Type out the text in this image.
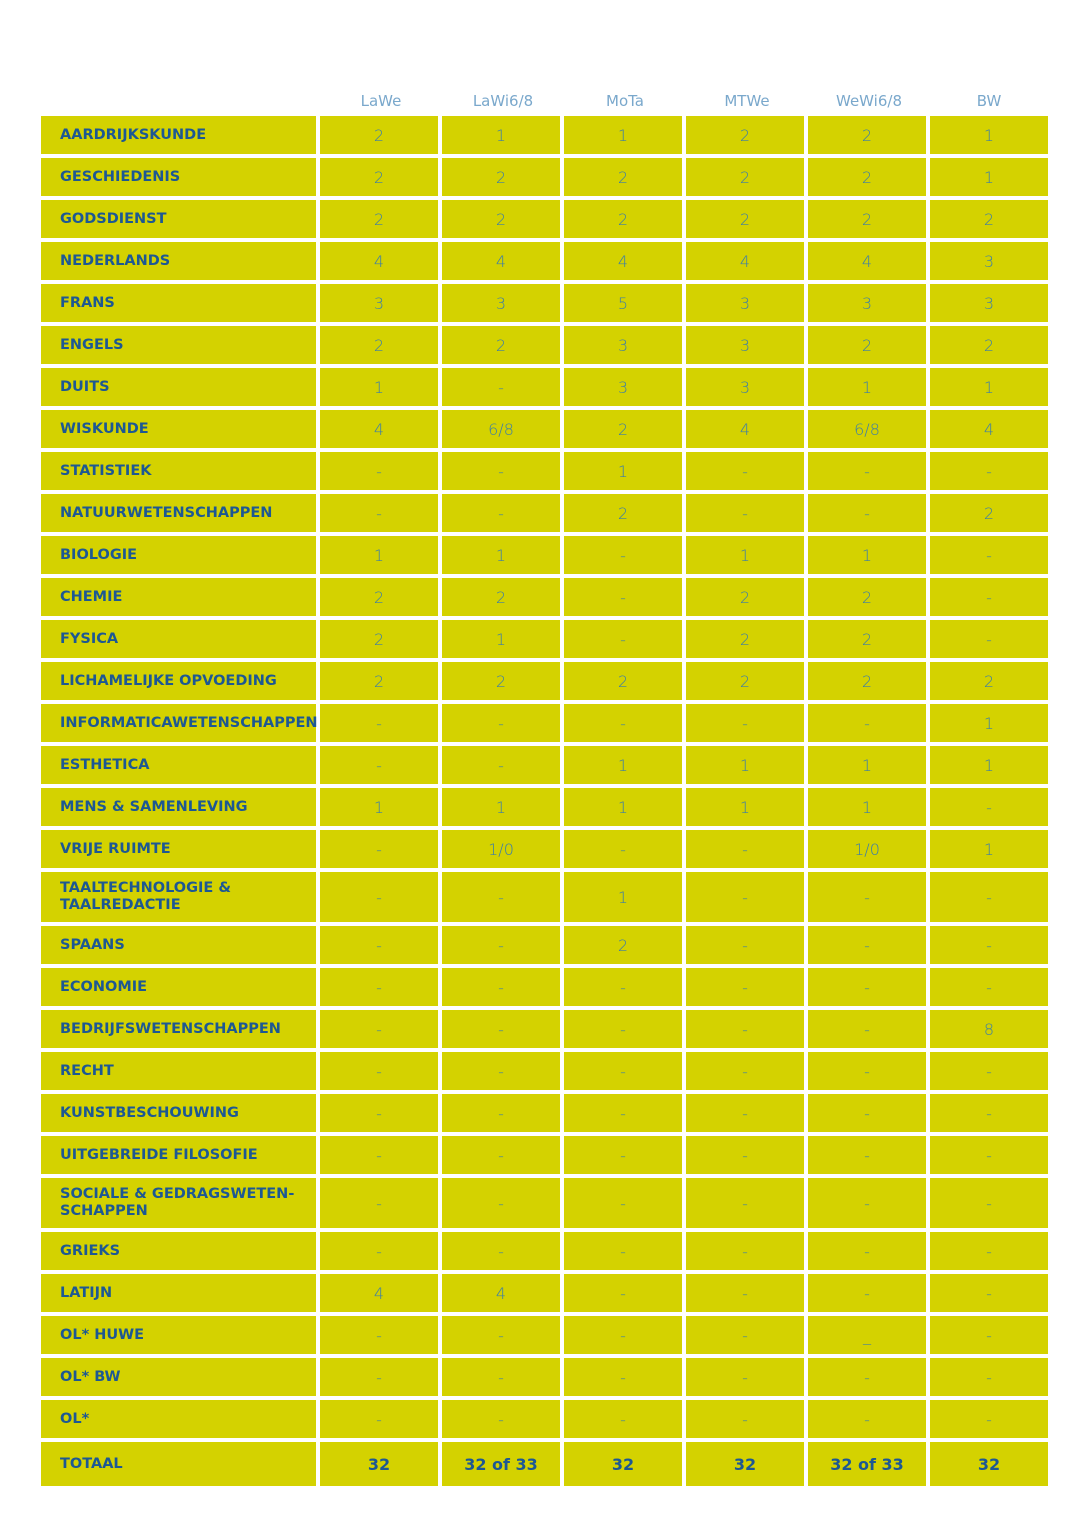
LaWe	LaWi6/8	MoTa	MTWe	WeWi6/8	BW
AARDRIJKSKUNDE	2	1	1	2	2	1
GESCHIEDENIS	2	2	2	2	2	1
GODSDIENST	2	2	2	2	2	2
NEDERLANDS	4	4	4	4	4	3
FRANS	3	3	5	3	3	3
ENGELS	2	2	3	3	2	2
DUITS	1	-	3	3	1	1
WISKUNDE	4	6/8	2	4	6/8	4
STATISTIEK	-	-	1	-	-	-
NATUURWETENSCHAPPEN	-	-	2	-	-	2
BIOLOGIE	1	1	-	1	1	-
CHEMIE	2	2	-	2	2	-
FYSICA	2	1	-	2	2	-
LICHAMELIJKE OPVOEDING	2	2	2	2	2	2
INFORMATICAWETENSCHAPPEN	-	-	-	-	-	1
ESTHETICA	-	-	1	1	1	1
MENS & SAMENLEVING	1	1	1	1	1	-
VRIJE RUIMTE	-	1/0	-	-	1/0	1
TAALTECHNOLOGIE & TAALREDACTIE	-	-	1	-	-	-
SPAANS	-	-	2	-	-	-
ECONOMIE	-	-	-	-	-	-
BEDRIJFSWETENSCHAPPEN	-	-	-	-	-	8
RECHT	-	-	-	-	-	-
KUNSTBESCHOUWING	-	-	-	-	-	-
UITGEBREIDE FILOSOFIE	-	-	-	-	-	-
SOCIALE & GEDRAGSWETEN- SCHAPPEN	-	-	-	-	-	-
GRIEKS	-	-	-	-	-	-
LATIJN	4	4	-	-	-	-
OL* HUWE	-	-	-	-	_	-
OL* BW	-	-	-	-	-	-
OL*	-	-	-	-	-	-
TOTAAL	32	32 of 33	32	32	32 of 33	32
